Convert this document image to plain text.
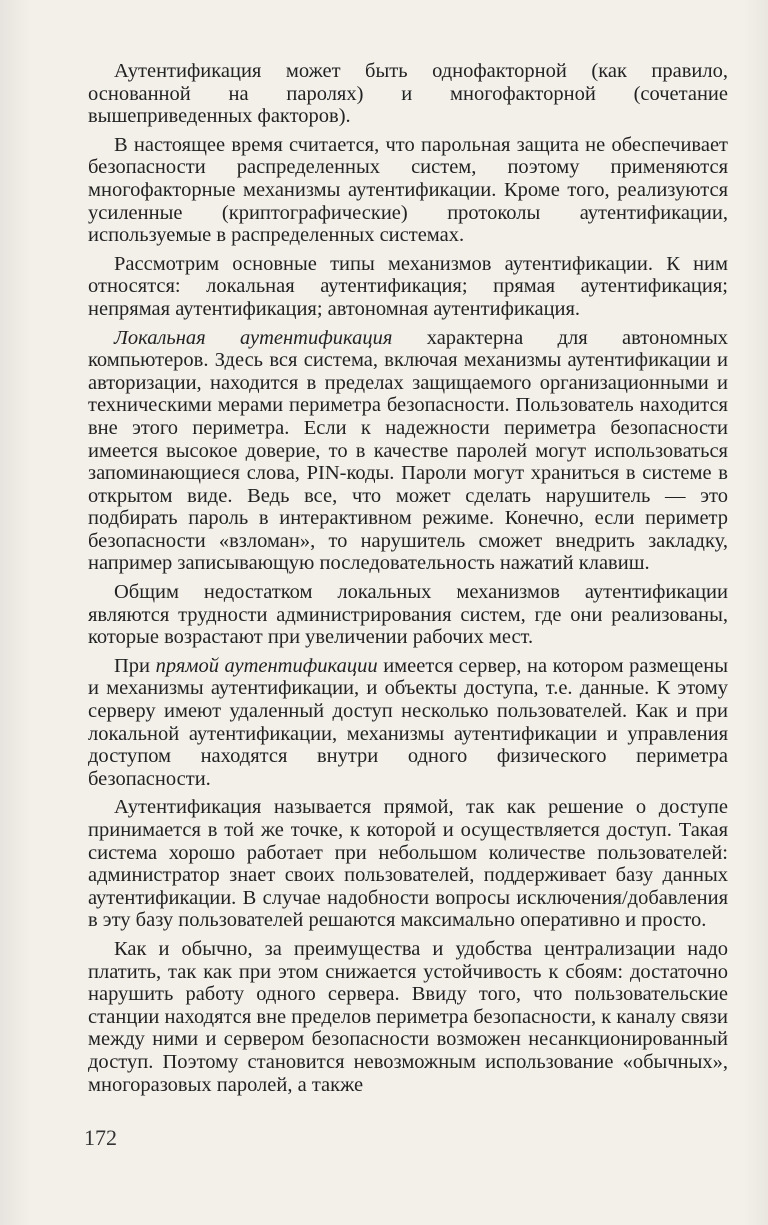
Аутентификация может быть однофакторной (как правило, основанной на паролях) и многофакторной (сочетание вышеприведенных факторов).

В настоящее время считается, что парольная защита не обеспечивает безопасности распределенных систем, поэтому применяются многофакторные механизмы аутентификации. Кроме того, реализуются усиленные (криптографические) протоколы аутентификации, используемые в распределенных системах.

Рассмотрим основные типы механизмов аутентификации. К ним относятся: локальная аутентификация; прямая аутентификация; непрямая аутентификация; автономная аутентификация.

Локальная аутентификация характерна для автономных компьютеров. Здесь вся система, включая механизмы аутентификации и авторизации, находится в пределах защищаемого организационными и техническими мерами периметра безопасности. Пользователь находится вне этого периметра. Если к надежности периметра безопасности имеется высокое доверие, то в качестве паролей могут использоваться запоминающиеся слова, PIN-коды. Пароли могут храниться в системе в открытом виде. Ведь все, что может сделать нарушитель — это подбирать пароль в интерактивном режиме. Конечно, если периметр безопасности «взломан», то нарушитель сможет внедрить закладку, например записывающую последовательность нажатий клавиш.

Общим недостатком локальных механизмов аутентификации являются трудности администрирования систем, где они реализованы, которые возрастают при увеличении рабочих мест.

При прямой аутентификации имеется сервер, на котором размещены и механизмы аутентификации, и объекты доступа, т.е. данные. К этому серверу имеют удаленный доступ несколько пользователей. Как и при локальной аутентификации, механизмы аутентификации и управления доступом находятся внутри одного физического периметра безопасности.

Аутентификация называется прямой, так как решение о доступе принимается в той же точке, к которой и осуществляется доступ. Такая система хорошо работает при небольшом количестве пользователей: администратор знает своих пользователей, поддерживает базу данных аутентификации. В случае надобности вопросы исключения/добавления в эту базу пользователей решаются максимально оперативно и просто.

Как и обычно, за преимущества и удобства централизации надо платить, так как при этом снижается устойчивость к сбоям: достаточно нарушить работу одного сервера. Ввиду того, что пользовательские станции находятся вне пределов периметра безопасности, к каналу связи между ними и сервером безопасности возможен несанкционированный доступ. Поэтому становится невозможным использование «обычных», многоразовых паролей, а также

172
